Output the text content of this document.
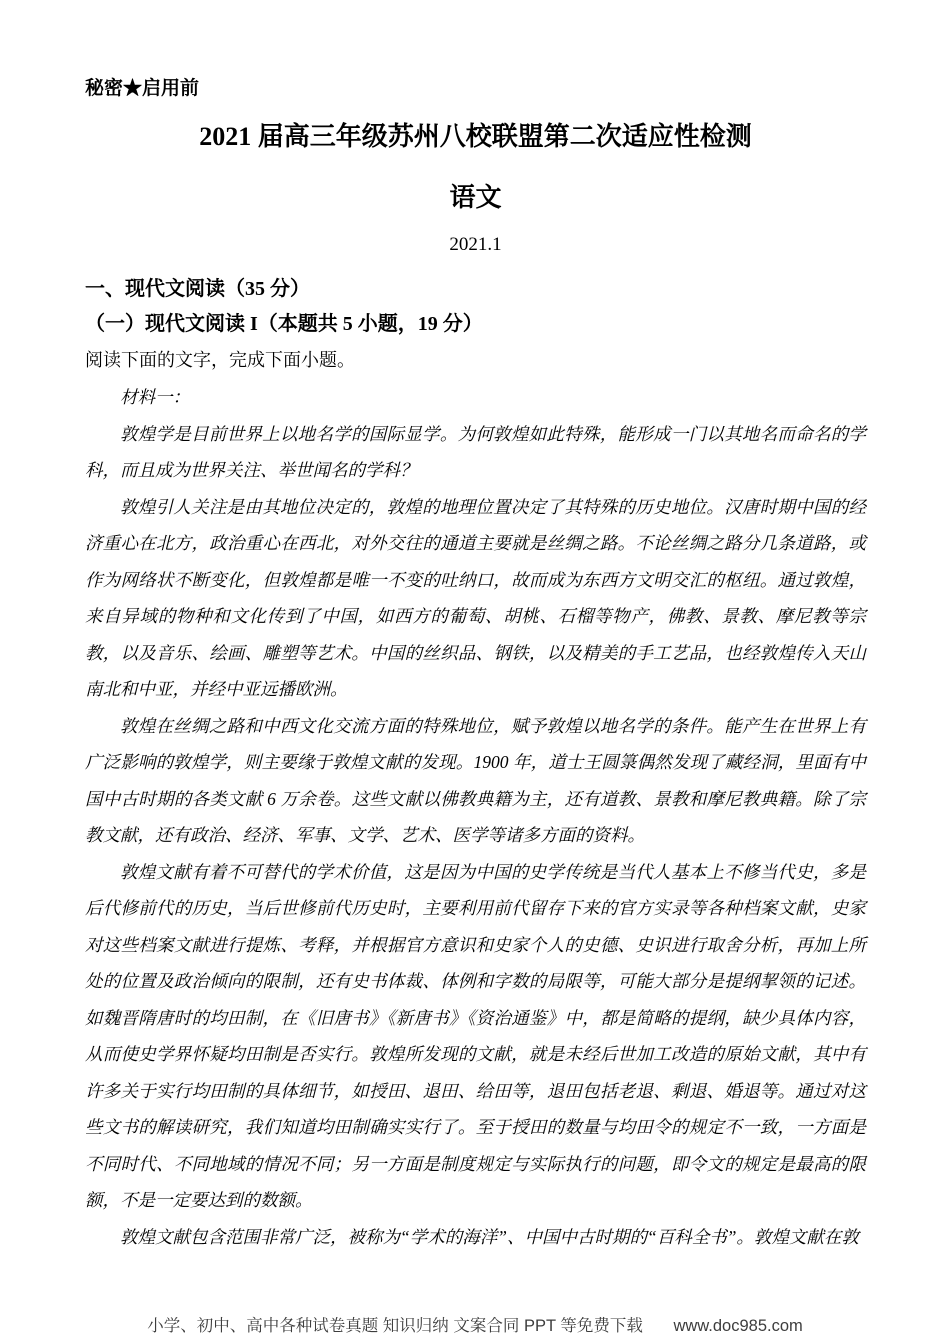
秘密★启用前
2021 届高三年级苏州八校联盟第二次适应性检测
语文
2021.1
一、现代文阅读（35 分）
（一）现代文阅读 I（本题共 5 小题，19 分）

阅读下面的文字，完成下面小题。

材料一：

敦煌学是目前世界上以地名学的国际显学。为何敦煌如此特殊，能形成一门以其地名而命名的学科，而且成为世界关注、举世闻名的学科？

敦煌引人关注是由其地位决定的，敦煌的地理位置决定了其特殊的历史地位。汉唐时期中国的经济重心在北方，政治重心在西北，对外交往的通道主要就是丝绸之路。不论丝绸之路分几条道路，或作为网络状不断变化，但敦煌都是唯一不变的吐纳口，故而成为东西方文明交汇的枢纽。通过敦煌，来自异域的物种和文化传到了中国，如西方的葡萄、胡桃、石榴等物产，佛教、景教、摩尼教等宗教，以及音乐、绘画、雕塑等艺术。中国的丝织品、钢铁，以及精美的手工艺品，也经敦煌传入天山南北和中亚，并经中亚远播欧洲。

敦煌在丝绸之路和中西文化交流方面的特殊地位，赋予敦煌以地名学的条件。能产生在世界上有广泛影响的敦煌学，则主要缘于敦煌文献的发现。1900 年，道士王圆箓偶然发现了藏经洞，里面有中国中古时期的各类文献 6 万余卷。这些文献以佛教典籍为主，还有道教、景教和摩尼教典籍。除了宗教文献，还有政治、经济、军事、文学、艺术、医学等诸多方面的资料。

敦煌文献有着不可替代的学术价值，这是因为中国的史学传统是当代人基本上不修当代史，多是后代修前代的历史，当后世修前代历史时，主要利用前代留存下来的官方实录等各种档案文献，史家对这些档案文献进行提炼、考释，并根据官方意识和史家个人的史德、史识进行取舍分析，再加上所处的位置及政治倾向的限制，还有史书体裁、体例和字数的局限等，可能大部分是提纲挈领的记述。如魏晋隋唐时的均田制，在《旧唐书》《新唐书》《资治通鉴》中，都是简略的提纲，缺少具体内容，从而使史学界怀疑均田制是否实行。敦煌所发现的文献，就是未经后世加工改造的原始文献，其中有许多关于实行均田制的具体细节，如授田、退田、给田等，退田包括老退、剩退、婚退等。通过对这些文书的解读研究，我们知道均田制确实实行了。至于授田的数量与均田令的规定不一致，一方面是不同时代、不同地域的情况不同；另一方面是制度规定与实际执行的问题，即令文的规定是最高的限额，不是一定要达到的数额。

敦煌文献包含范围非常广泛，被称为“学术的海洋”、中国中古时期的“百科全书”。敦煌文献在敦

小学、初中、高中各种试卷真题 知识归纳 文案合同 PPT 等免费下载 www.doc985.com
